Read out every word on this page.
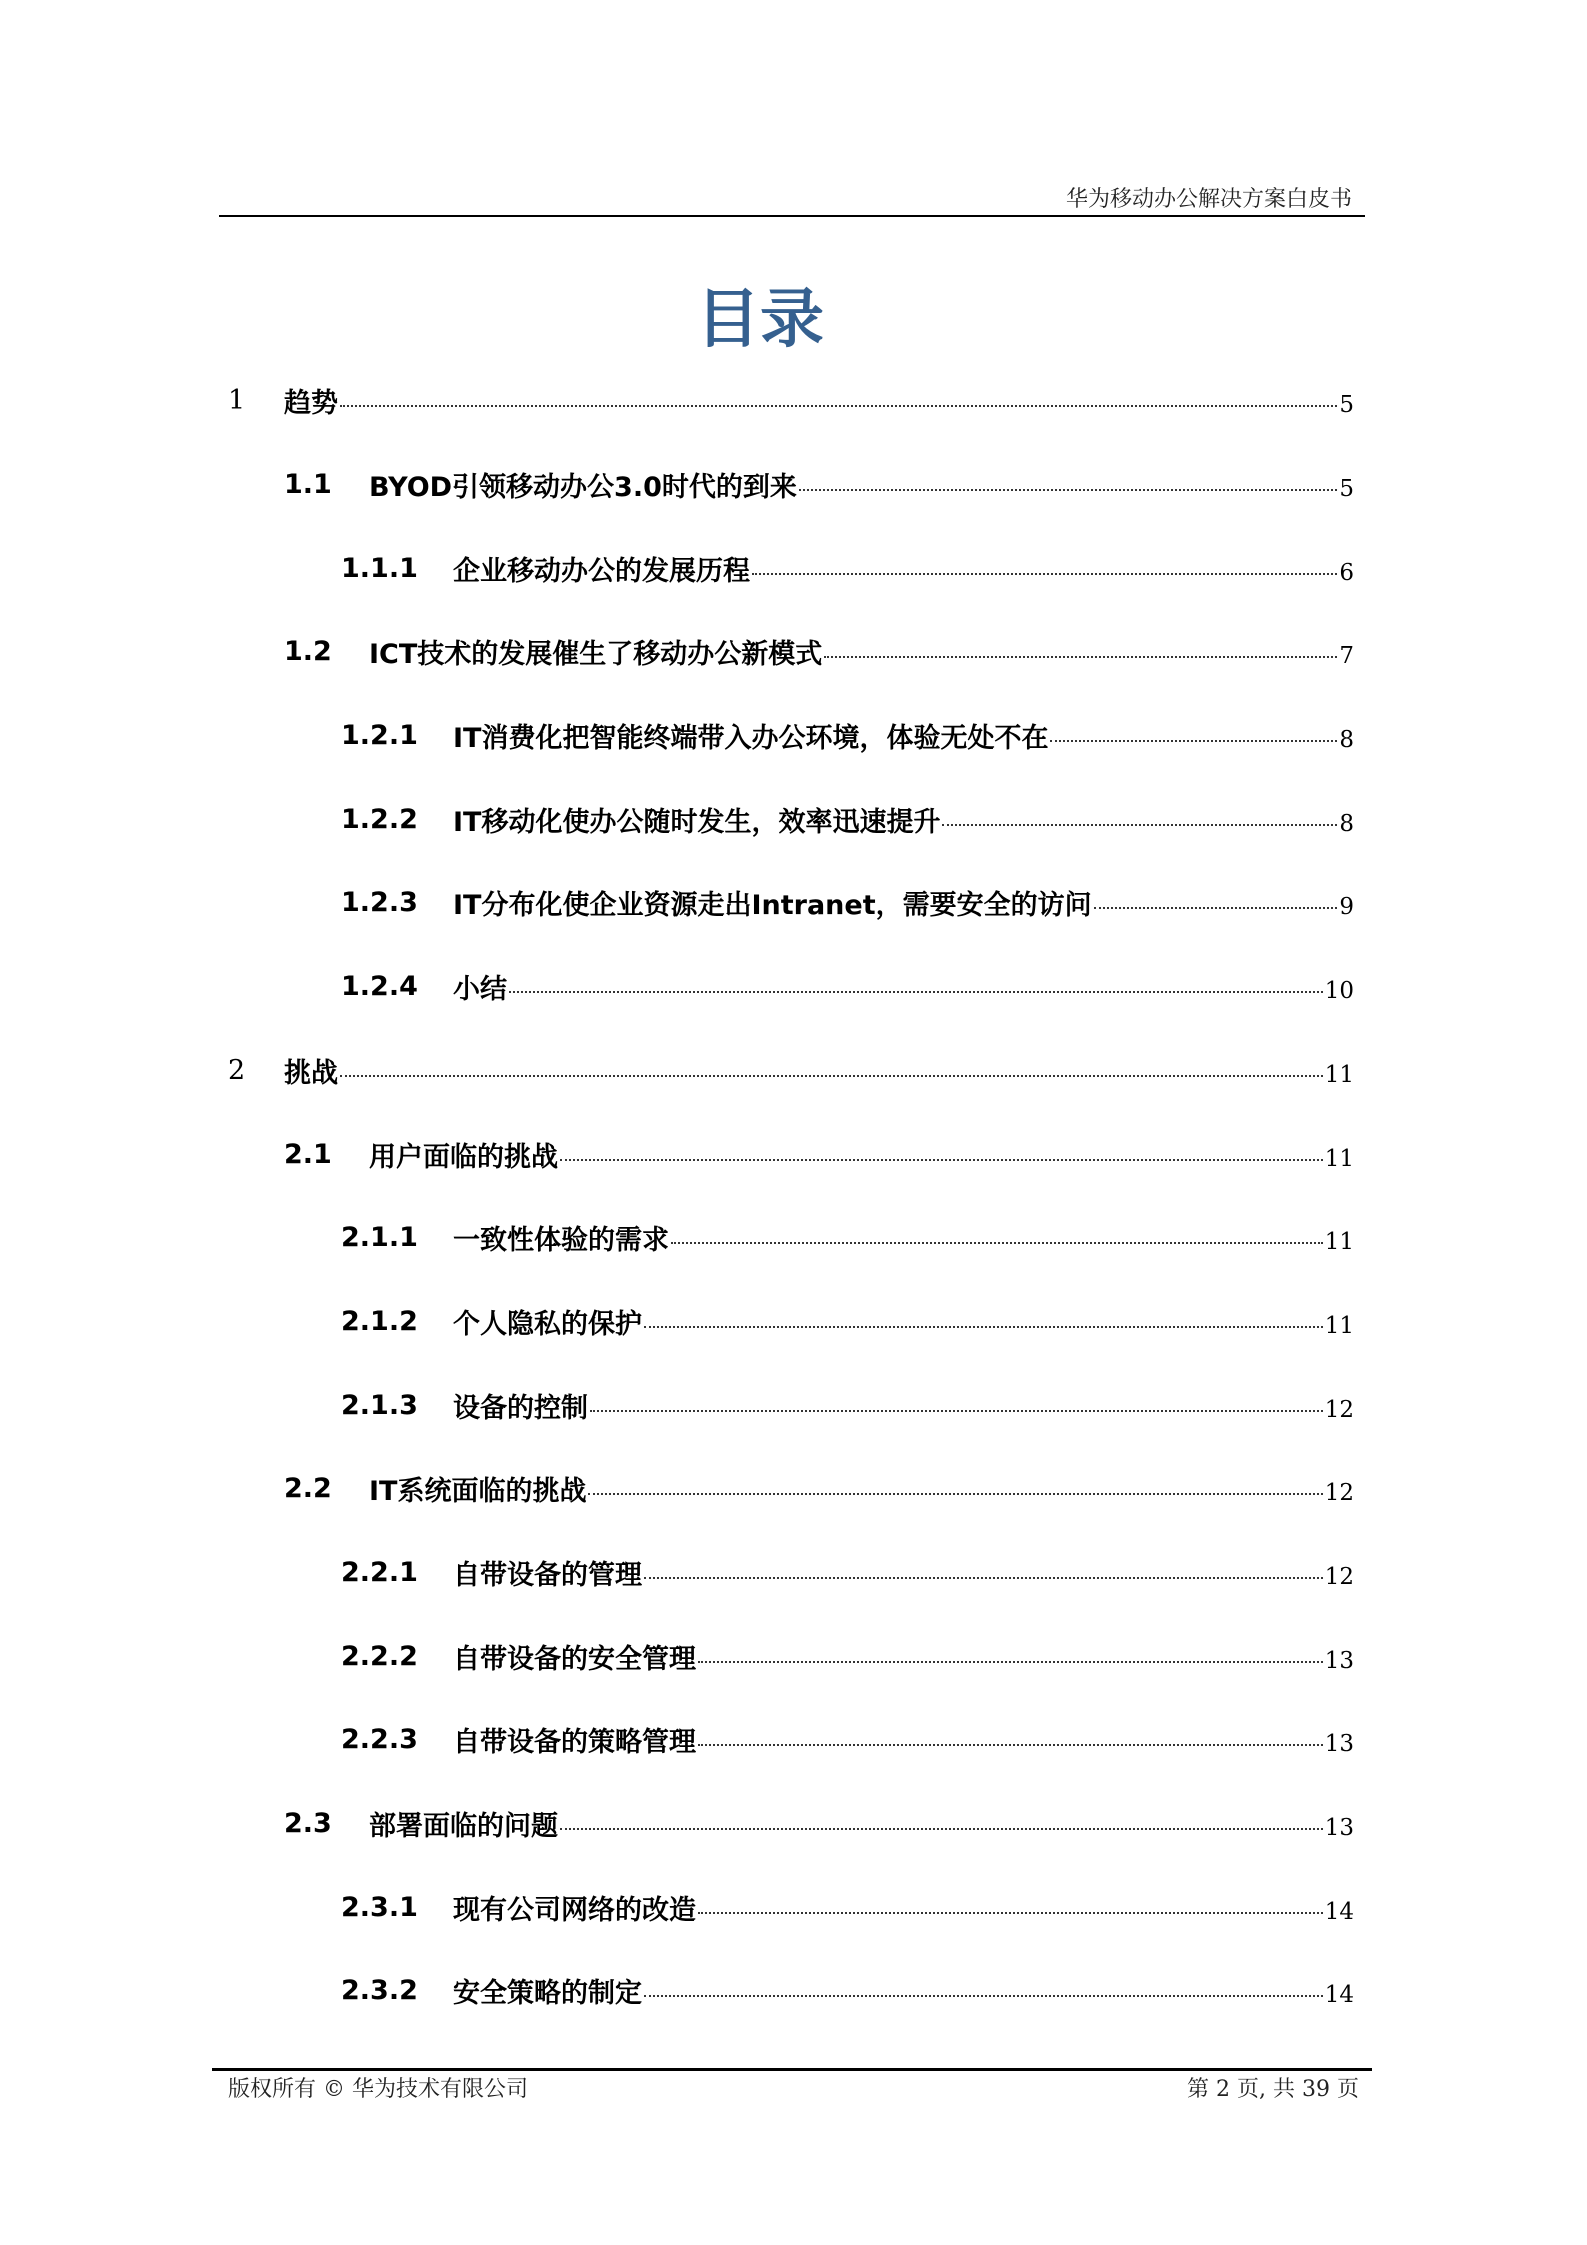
华为移动办公解决方案白皮书
目录
1 趋势	5
1.1 BYOD引领移动办公3.0时代的到来	5
1.1.1 企业移动办公的发展历程	6
1.2 ICT技术的发展催生了移动办公新模式	7
1.2.1 IT消费化把智能终端带入办公环境，体验无处不在	8
1.2.2 IT移动化使办公随时发生，效率迅速提升	8
1.2.3 IT分布化使企业资源走出Intranet，需要安全的访问	9
1.2.4 小结	10
2 挑战	11
2.1 用户面临的挑战	11
2.1.1 一致性体验的需求	11
2.1.2 个人隐私的保护	11
2.1.3 设备的控制	12
2.2 IT系统面临的挑战	12
2.2.1 自带设备的管理	12
2.2.2 自带设备的安全管理	13
2.2.3 自带设备的策略管理	13
2.3 部署面临的问题	13
2.3.1 现有公司网络的改造	14
2.3.2 安全策略的制定	14
版权所有 © 华为技术有限公司	第 2 页, 共 39 页
